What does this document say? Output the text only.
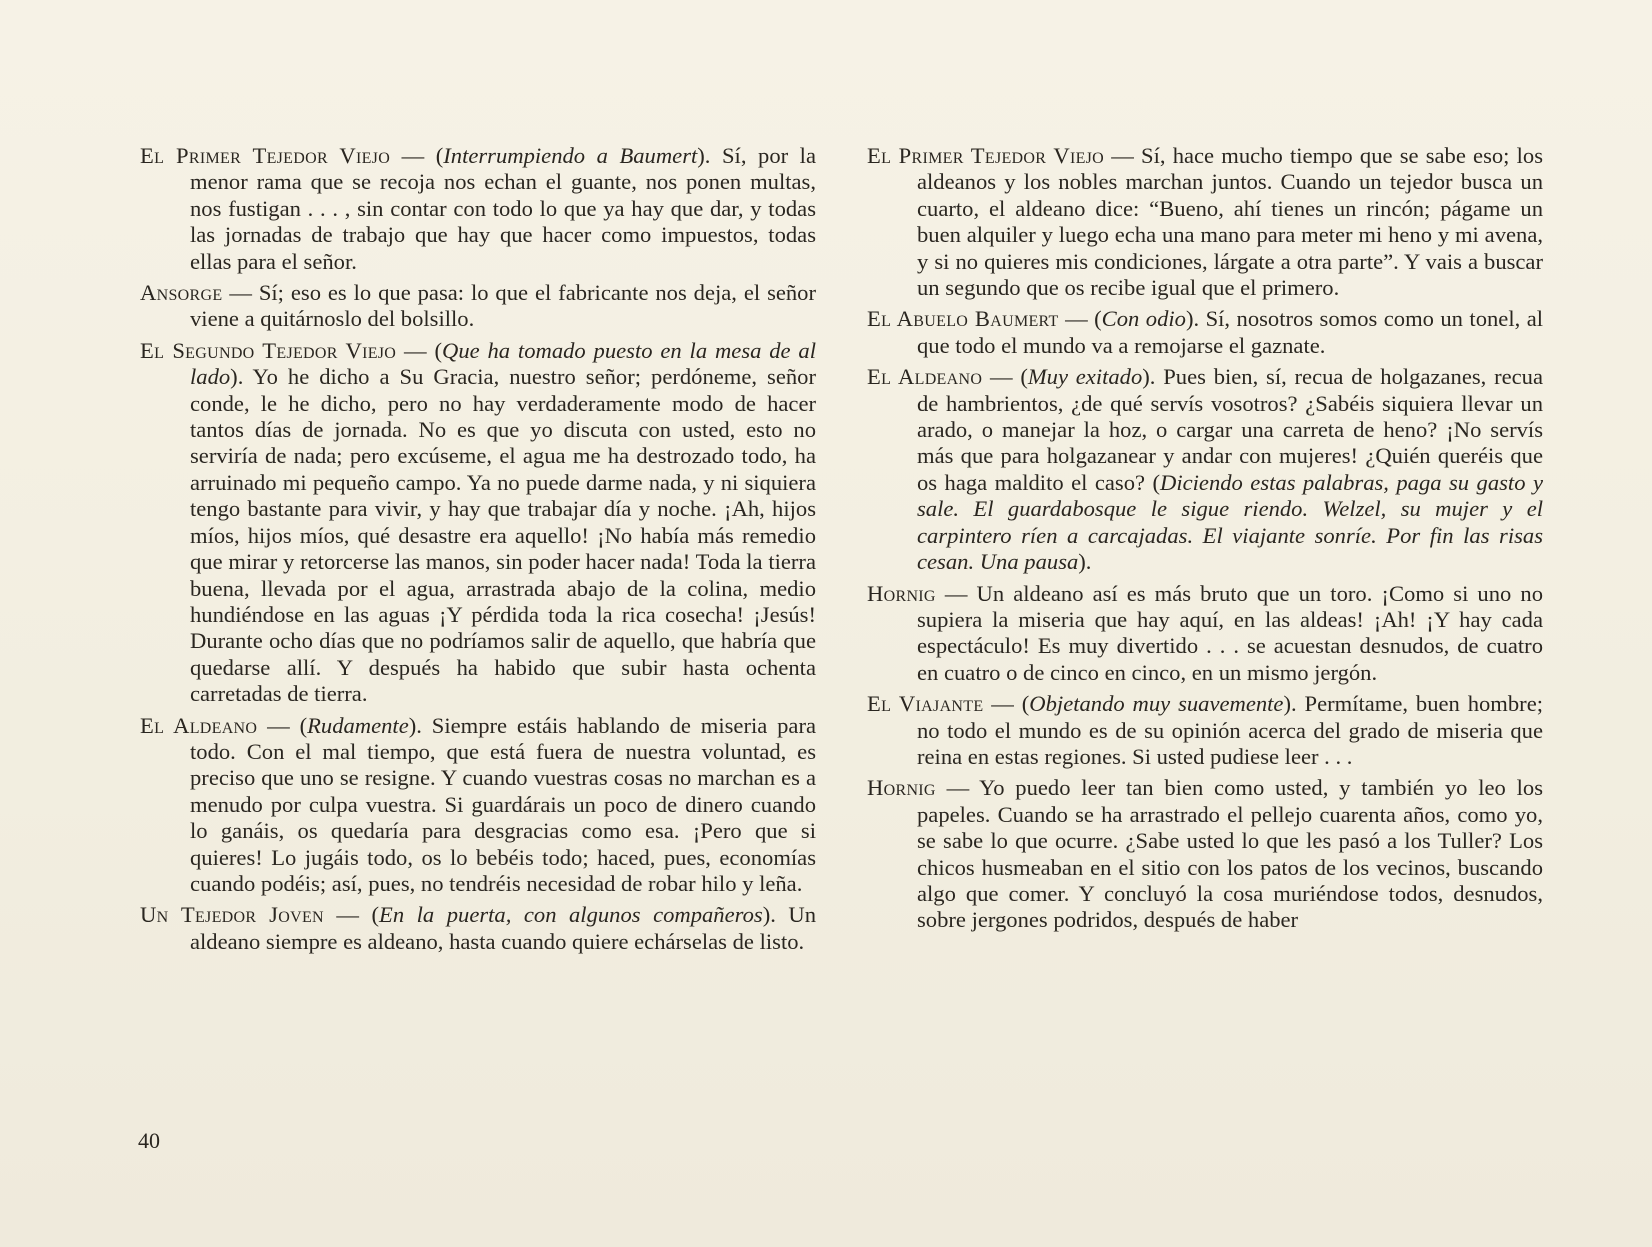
El Primer Tejedor Viejo — (Interrumpiendo a Baumert). Sí, por la menor rama que se recoja nos echan el guante, nos ponen multas, nos fustigan . . . , sin contar con todo lo que ya hay que dar, y todas las jornadas de trabajo que hay que hacer como impuestos, todas ellas para el señor.

Ansorge — Sí; eso es lo que pasa: lo que el fabricante nos deja, el señor viene a quitárnoslo del bolsillo.

El Segundo Tejedor Viejo — (Que ha tomado puesto en la mesa de al lado). Yo he dicho a Su Gracia, nuestro señor; perdóneme, señor conde, le he dicho, pero no hay verdaderamente modo de hacer tantos días de jornada. No es que yo discuta con usted, esto no serviría de nada; pero excúseme, el agua me ha destrozado todo, ha arruinado mi pequeño campo. Ya no puede darme nada, y ni siquiera tengo bastante para vivir, y hay que trabajar día y noche. ¡Ah, hijos míos, hijos míos, qué desastre era aquello! ¡No había más remedio que mirar y retorcerse las manos, sin poder hacer nada! Toda la tierra buena, llevada por el agua, arrastrada abajo de la colina, medio hundiéndose en las aguas ¡Y pérdida toda la rica cosecha! ¡Jesús! Durante ocho días que no podríamos salir de aquello, que habría que quedarse allí. Y después ha habido que subir hasta ochenta carretadas de tierra.

El Aldeano — (Rudamente). Siempre estáis hablando de miseria para todo. Con el mal tiempo, que está fuera de nuestra voluntad, es preciso que uno se resigne. Y cuando vuestras cosas no marchan es a menudo por culpa vuestra. Si guardárais un poco de dinero cuando lo ganáis, os quedaría para desgracias como esa. ¡Pero que si quieres! Lo jugáis todo, os lo bebéis todo; haced, pues, economías cuando podéis; así, pues, no tendréis necesidad de robar hilo y leña.

Un Tejedor Joven — (En la puerta, con algunos compañeros). Un aldeano siempre es aldeano, hasta cuando quiere echárselas de listo.

El Primer Tejedor Viejo — Sí, hace mucho tiempo que se sabe eso; los aldeanos y los nobles marchan juntos. Cuando un tejedor busca un cuarto, el aldeano dice: “Bueno, ahí tienes un rincón; págame un buen alquiler y luego echa una mano para meter mi heno y mi avena, y si no quieres mis condiciones, lárgate a otra parte”. Y vais a buscar un segundo que os recibe igual que el primero.

El Abuelo Baumert — (Con odio). Sí, nosotros somos como un tonel, al que todo el mundo va a remojarse el gaznate.

El Aldeano — (Muy exitado). Pues bien, sí, recua de holgazanes, recua de hambrientos, ¿de qué servís vosotros? ¿Sabéis siquiera llevar un arado, o manejar la hoz, o cargar una carreta de heno? ¡No servís más que para holgazanear y andar con mujeres! ¿Quién queréis que os haga maldito el caso? (Diciendo estas palabras, paga su gasto y sale. El guardabosque le sigue riendo. Welzel, su mujer y el carpintero ríen a carcajadas. El viajante sonríe. Por fin las risas cesan. Una pausa).

Hornig — Un aldeano así es más bruto que un toro. ¡Como si uno no supiera la miseria que hay aquí, en las aldeas! ¡Ah! ¡Y hay cada espectáculo! Es muy divertido . . . se acuestan desnudos, de cuatro en cuatro o de cinco en cinco, en un mismo jergón.

El Viajante — (Objetando muy suavemente). Permítame, buen hombre; no todo el mundo es de su opinión acerca del grado de miseria que reina en estas regiones. Si usted pudiese leer . . .

Hornig — Yo puedo leer tan bien como usted, y también yo leo los papeles. Cuando se ha arrastrado el pellejo cuarenta años, como yo, se sabe lo que ocurre. ¿Sabe usted lo que les pasó a los Tuller? Los chicos husmeaban en el sitio con los patos de los vecinos, buscando algo que comer. Y concluyó la cosa muriéndose todos, desnudos, sobre jergones podridos, después de haber

40
